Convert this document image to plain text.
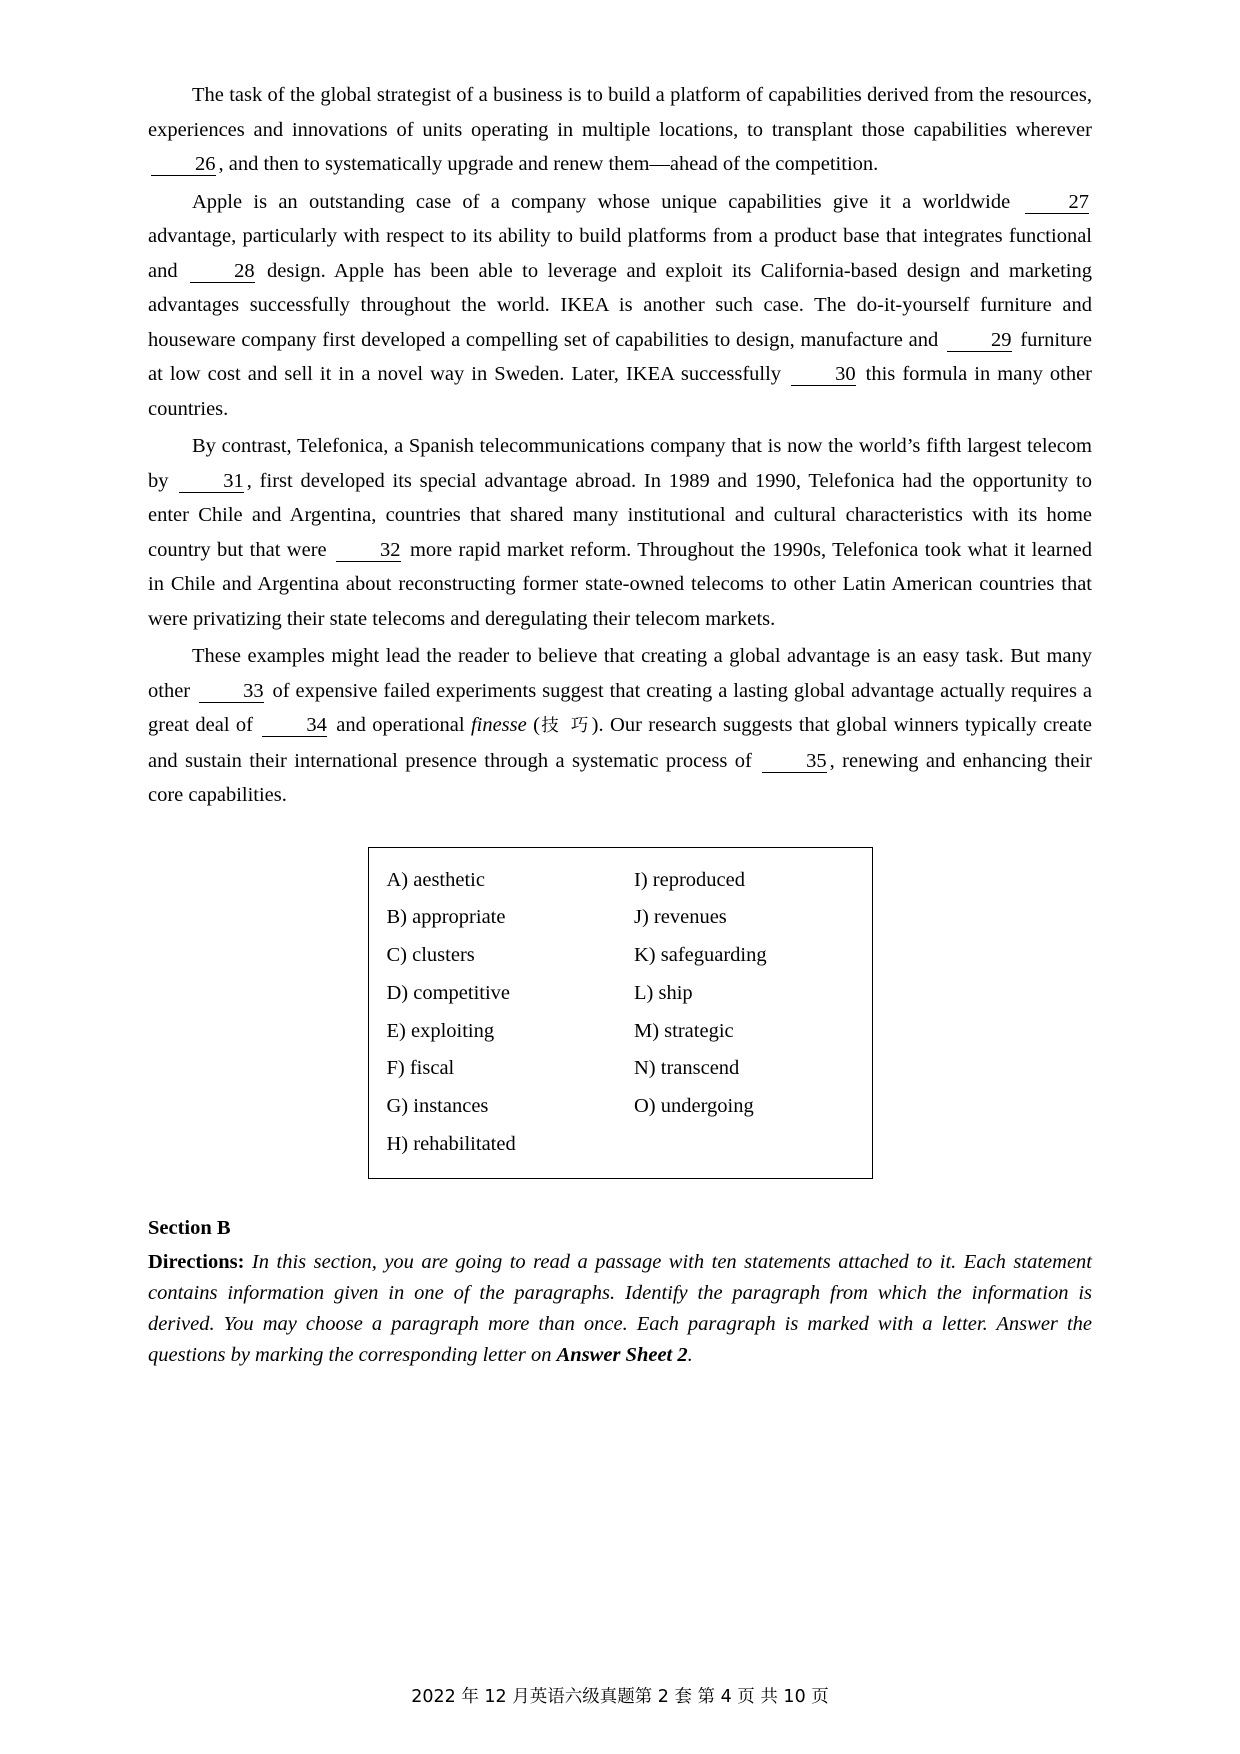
The task of the global strategist of a business is to build a platform of capabilities derived from the resources, experiences and innovations of units operating in multiple locations, to transplant those capabilities wherever 26 , and then to systematically upgrade and renew them—ahead of the competition.

Apple is an outstanding case of a company whose unique capabilities give it a worldwide 27 advantage, particularly with respect to its ability to build platforms from a product base that integrates functional and 28 design. Apple has been able to leverage and exploit its California-based design and marketing advantages successfully throughout the world. IKEA is another such case. The do-it-yourself furniture and houseware company first developed a compelling set of capabilities to design, manufacture and 29 furniture at low cost and sell it in a novel way in Sweden. Later, IKEA successfully 30 this formula in many other countries.

By contrast, Telefonica, a Spanish telecommunications company that is now the world’s fifth largest telecom by 31 , first developed its special advantage abroad. In 1989 and 1990, Telefonica had the opportunity to enter Chile and Argentina, countries that shared many institutional and cultural characteristics with its home country but that were 32 more rapid market reform. Throughout the 1990s, Telefonica took what it learned in Chile and Argentina about reconstructing former state-owned telecoms to other Latin American countries that were privatizing their state telecoms and deregulating their telecom markets.

These examples might lead the reader to believe that creating a global advantage is an easy task. But many other 33 of expensive failed experiments suggest that creating a lasting global advantage actually requires a great deal of 34 and operational finesse (技 巧). Our research suggests that global winners typically create and sustain their international presence through a systematic process of 35 , renewing and enhancing their core capabilities.

A) aesthetic
B) appropriate
C) clusters
D) competitive
E) exploiting
F) fiscal
G) instances
H) rehabilitated
I) reproduced
J) revenues
K) safeguarding
L) ship
M) strategic
N) transcend
O) undergoing
Section B

Directions: In this section, you are going to read a passage with ten statements attached to it. Each statement contains information given in one of the paragraphs. Identify the paragraph from which the information is derived. You may choose a paragraph more than once. Each paragraph is marked with a letter. Answer the questions by marking the corresponding letter on Answer Sheet 2.

2022 年 12 月英语六级真题第 2 套 第 4 页 共 10 页
